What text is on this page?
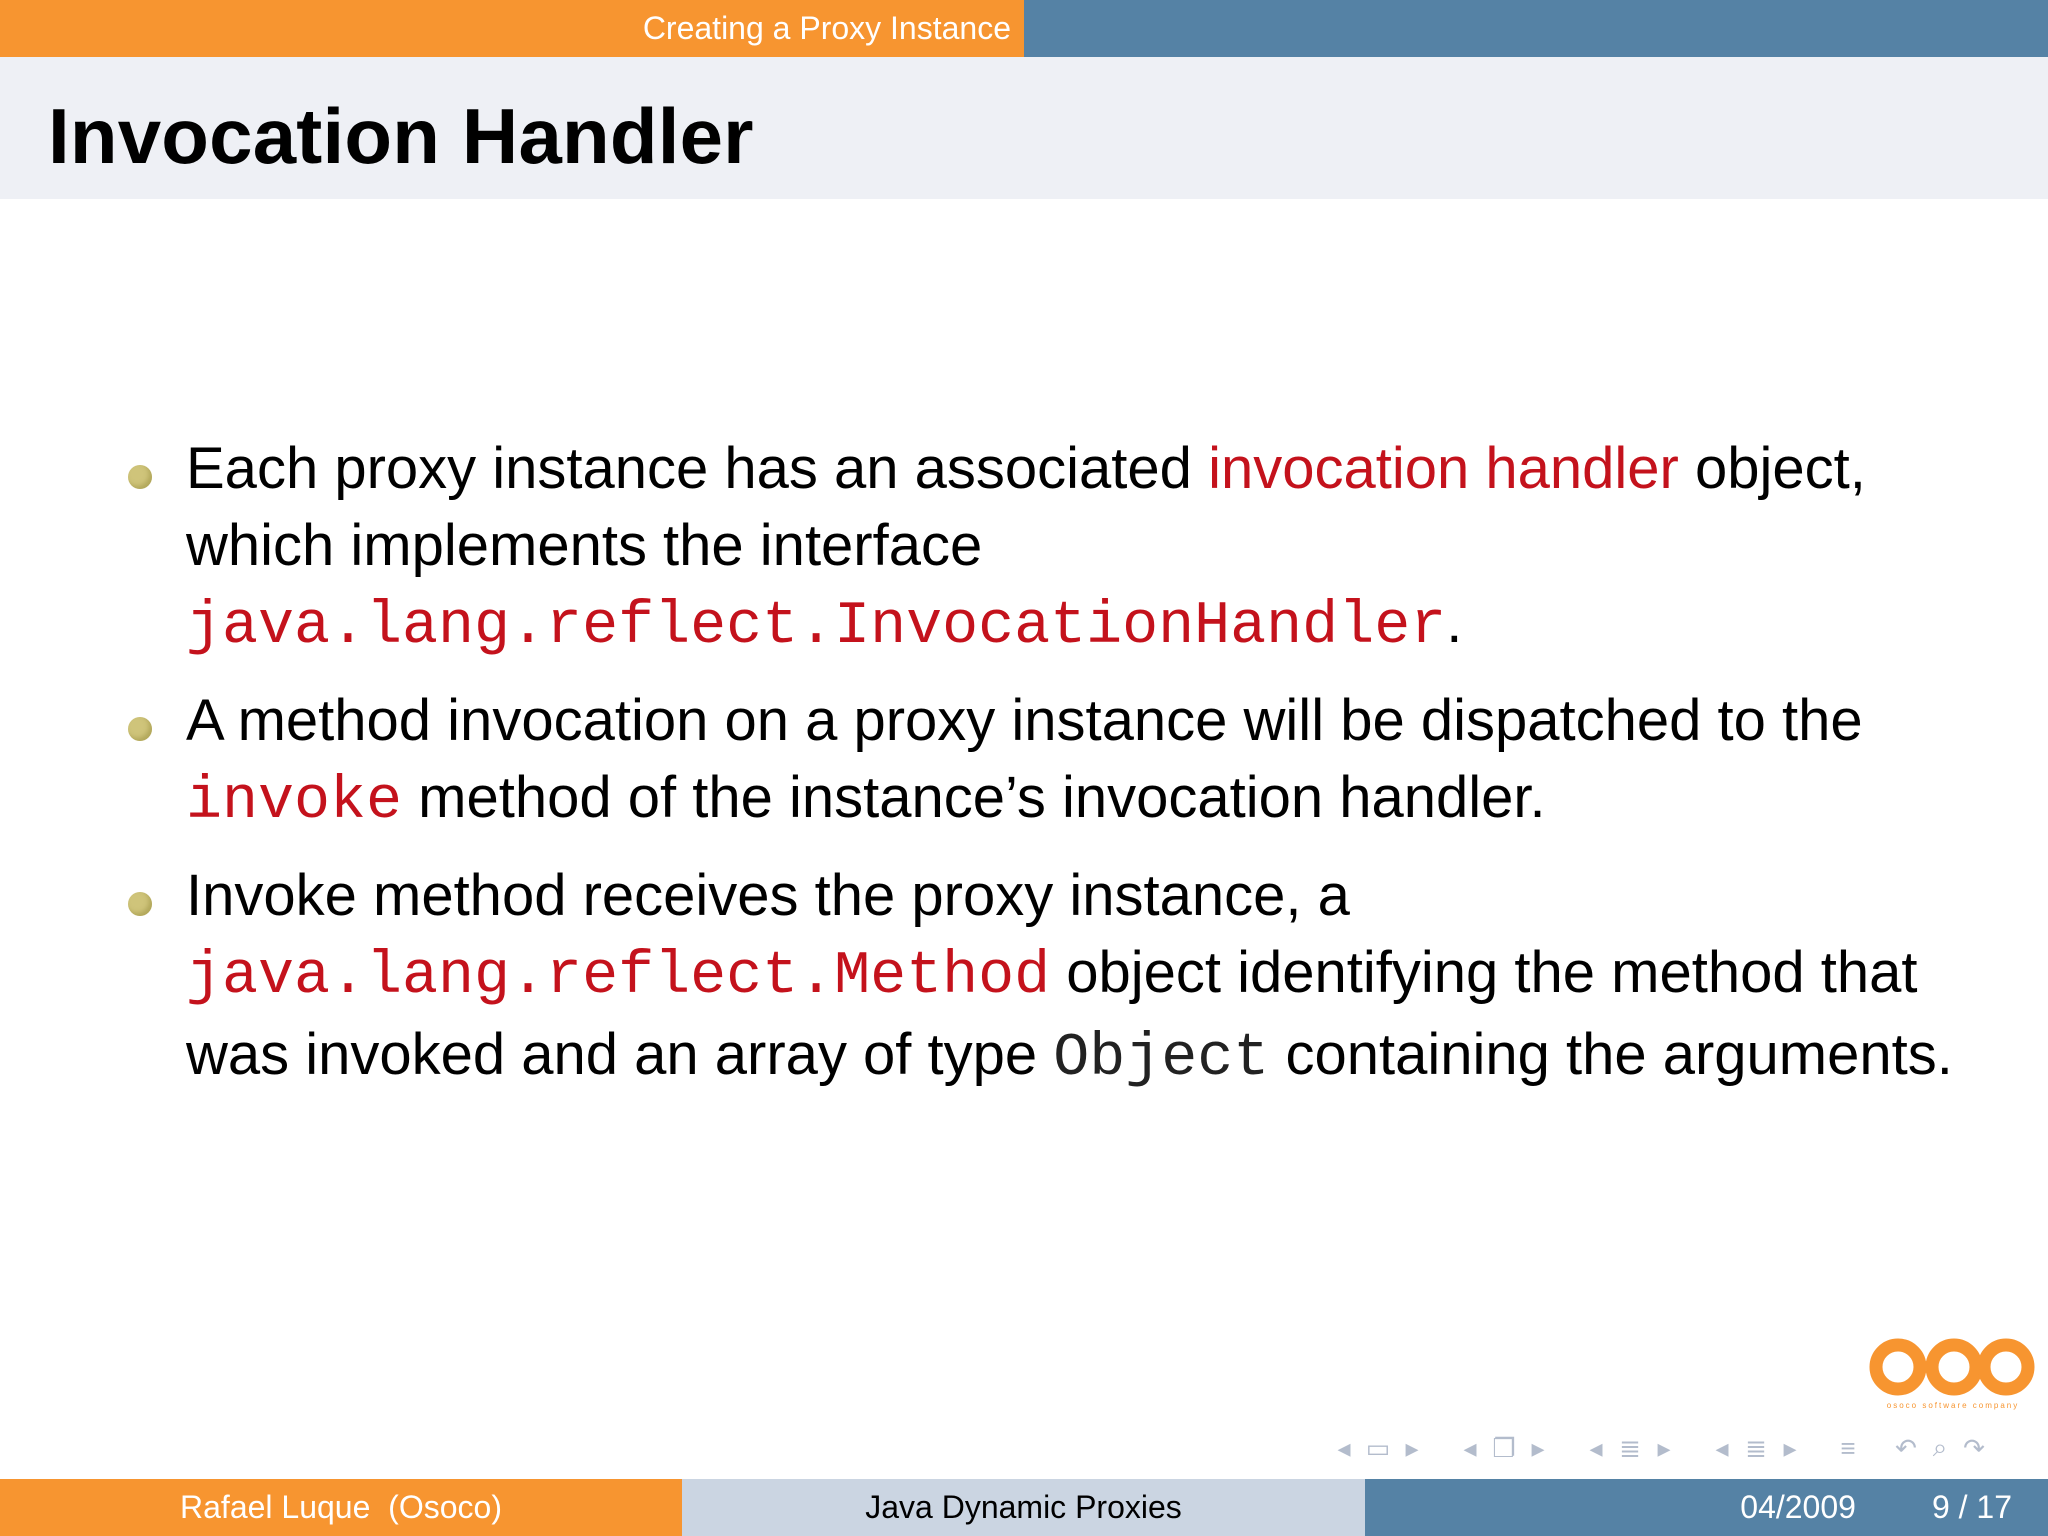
Creating a Proxy Instance
Invocation Handler
Each proxy instance has an associated invocation handler object, which implements the interface java.lang.reflect.InvocationHandler.
A method invocation on a proxy instance will be dispatched to the invoke method of the instance’s invocation handler.
Invoke method receives the proxy instance, a java.lang.reflect.Method object identifying the method that was invoked and an array of type Object containing the arguments.
osoco software company
◂ ▭ ▸ ◂ ❐ ▸ ◂ ≣ ▸ ◂ ≣ ▸ ≡ ↶ ⌕ ↷
Rafael Luque  (Osoco)	Java Dynamic Proxies	04/2009 9 / 17
